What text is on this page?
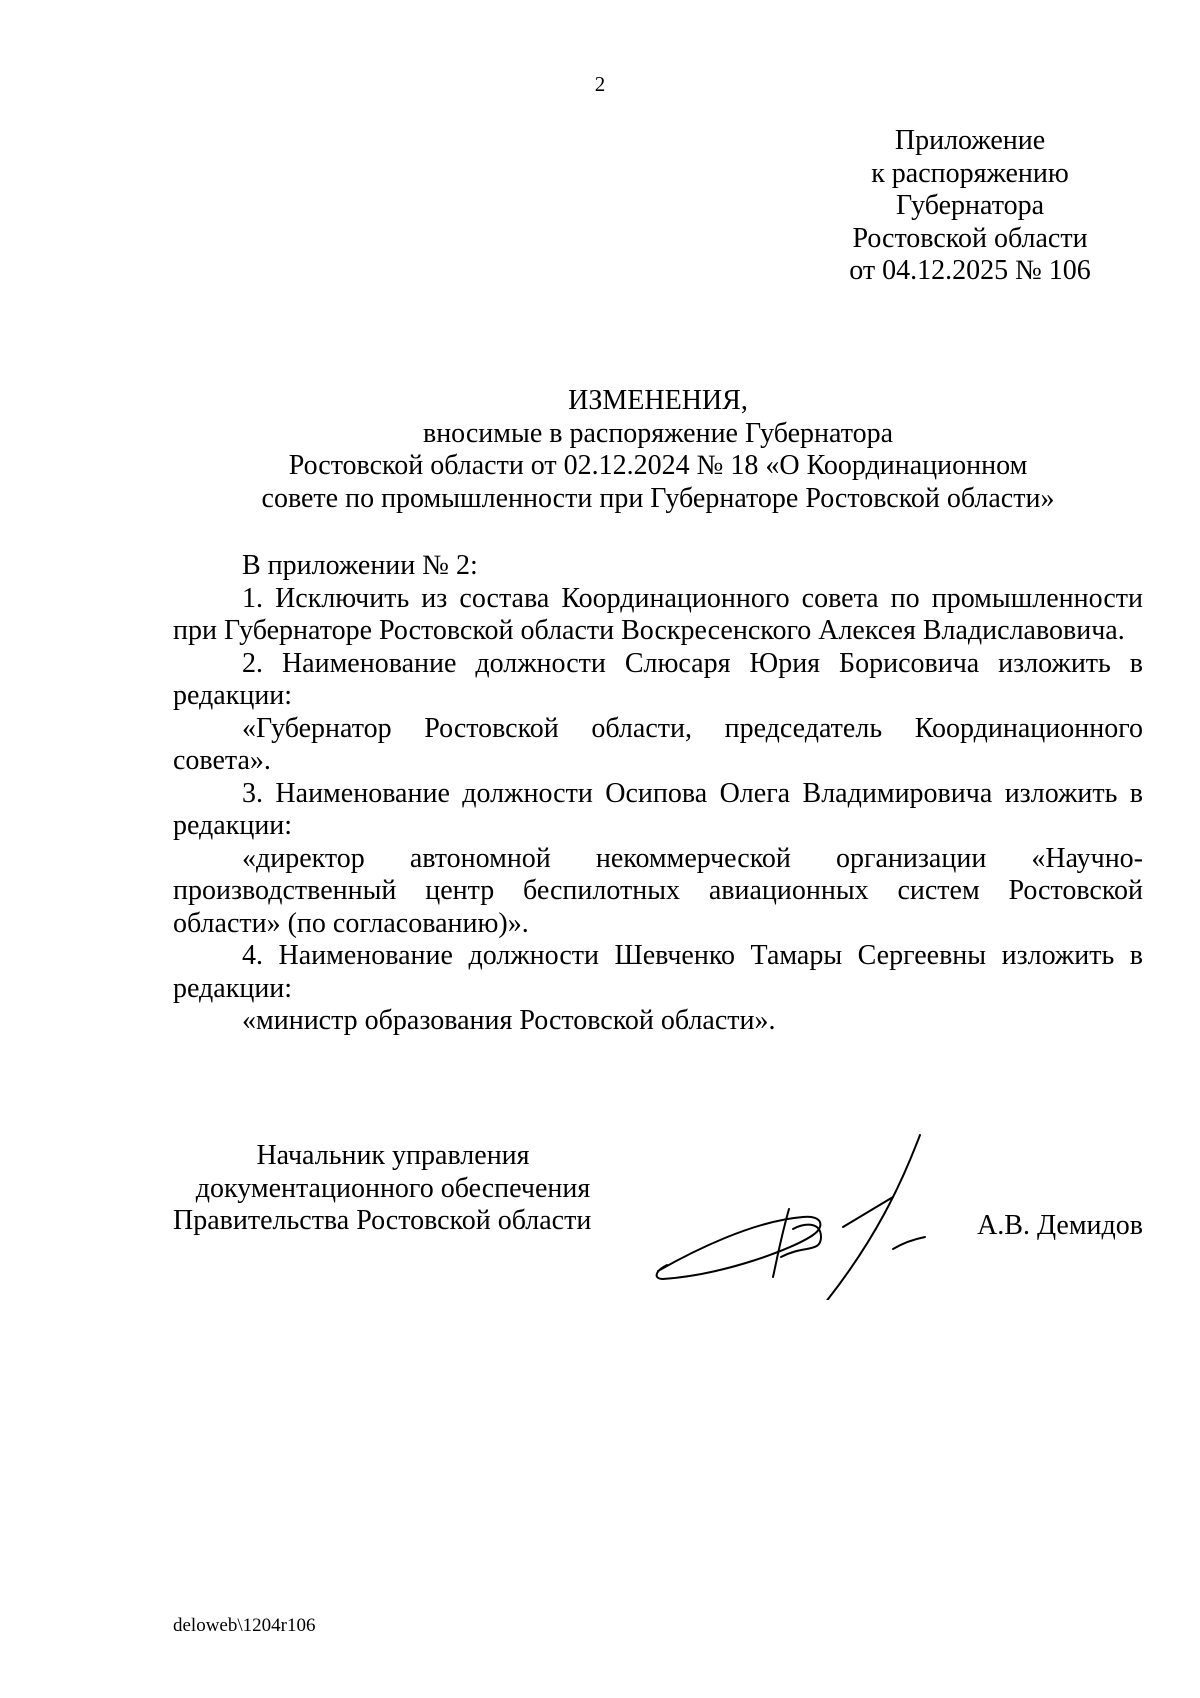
2
Приложение
к распоряжению
Губернатора
Ростовской области
от 04.12.2025 № 106
ИЗМЕНЕНИЯ,
вносимые в распоряжение Губернатора
Ростовской области от 02.12.2024 № 18 «О Координационном
совете по промышленности при Губернаторе Ростовской области»

В приложении № 2:

1. Исключить из состава Координационного совета по промышленности при Губернаторе Ростовской области Воскресенского Алексея Владиславовича.

2. Наименование должности Слюсаря Юрия Борисовича изложить в редакции:

«Губернатор Ростовской области, председатель Координационного совета».

3. Наименование должности Осипова Олега Владимировича изложить в редакции:

«директор автономной некоммерческой организации «Научно-производственный центр беспилотных авиационных систем Ростовской области» (по согласованию)».

4. Наименование должности Шевченко Тамары Сергеевны изложить в редакции:

«министр образования Ростовской области».

Начальник управления
документационного обеспечения
Правительства Ростовской области	А.В. Демидов
deloweb\1204r106
